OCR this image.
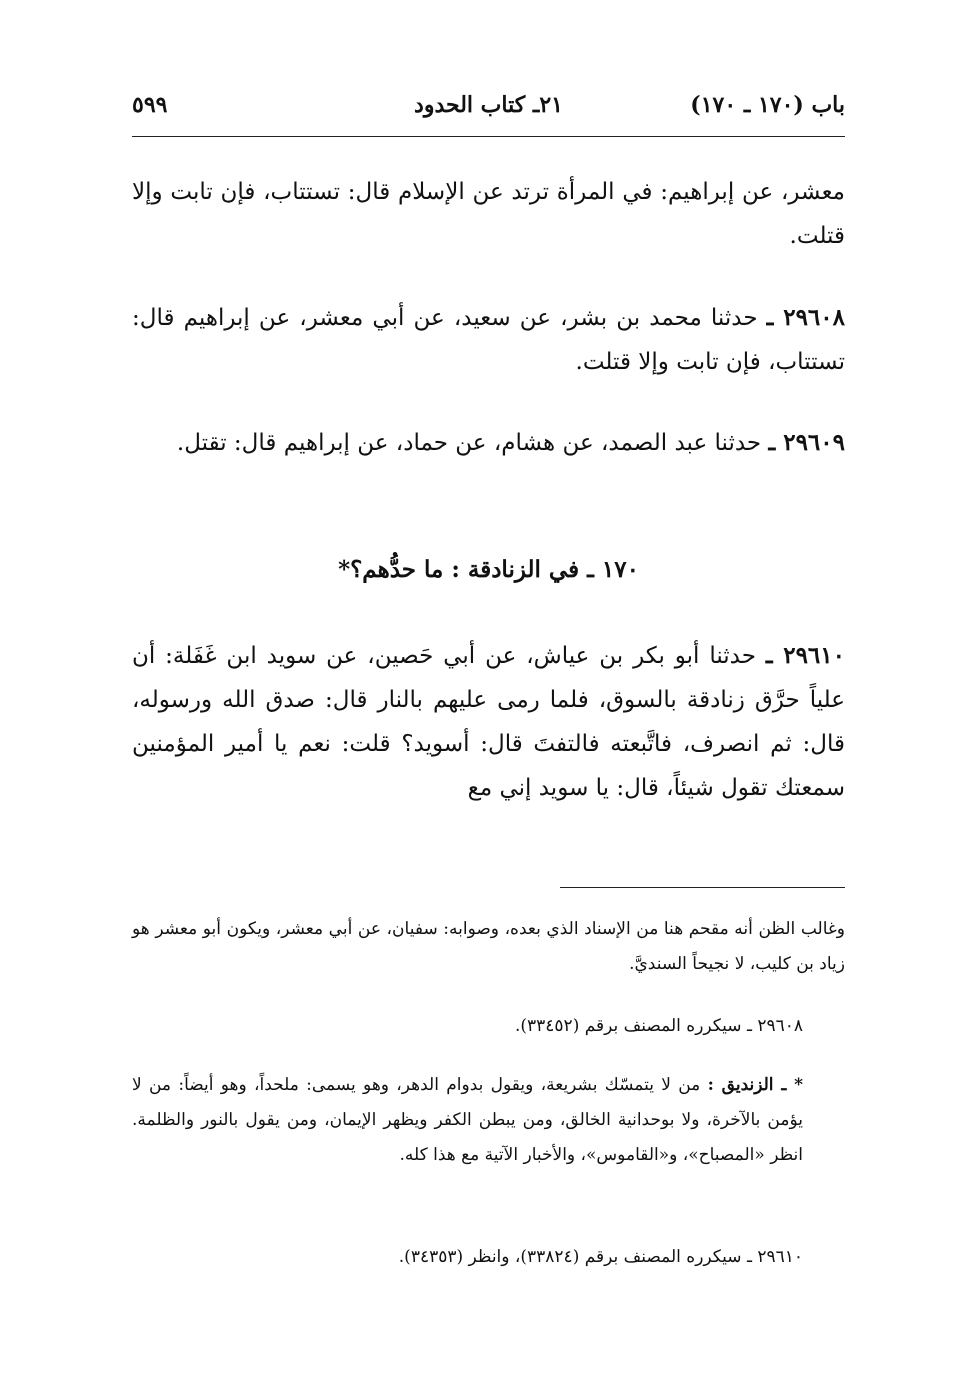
باب (١٧٠ ـ ١٧٠)
٢١ـ كتاب الحدود
٥٩٩
معشر، عن إبراهيم: في المرأة ترتد عن الإسلام قال: تستتاب، فإن تابت وإلا قتلت.
٢٩٦٠٨ ـ حدثنا محمد بن بشر، عن سعيد، عن أبي معشر، عن إبراهيم قال: تستتاب، فإن تابت وإلا قتلت.
٢٩٦٠٩ ـ حدثنا عبد الصمد، عن هشام، عن حماد، عن إبراهيم قال: تقتل.
١٧٠ ـ في الزنادقة : ما حدُّهم؟*
٢٩٦١٠ ـ حدثنا أبو بكر بن عياش، عن أبي حَصين، عن سويد ابن غَفَلة: أن علياً حرَّق زنادقة بالسوق، فلما رمى عليهم بالنار قال: صدق الله ورسوله، قال: ثم انصرف، فاتَّبعته فالتفتَ قال: أسويد؟ قلت: نعم يا أمير المؤمنين سمعتك تقول شيئاً، قال: يا سويد إني مع
وغالب الظن أنه مقحم هنا من الإسناد الذي بعده، وصوابه: سفيان، عن أبي معشر، ويكون أبو معشر هو زياد بن كليب، لا نجيحاً السنديَّ.
٢٩٦٠٨ ـ سيكرره المصنف برقم (٣٣٤٥٢).
* ـ الزنديق : من لا يتمسّك بشريعة، ويقول بدوام الدهر، وهو يسمى: ملحداً، وهو أيضاً: من لا يؤمن بالآخرة، ولا بوحدانية الخالق، ومن يبطن الكفر ويظهر الإيمان، ومن يقول بالنور والظلمة. انظر «المصباح»، و«القاموس»، والأخبار الآتية مع هذا كله.
٢٩٦١٠ ـ سيكرره المصنف برقم (٣٣٨٢٤)، وانظر (٣٤٣٥٣).
